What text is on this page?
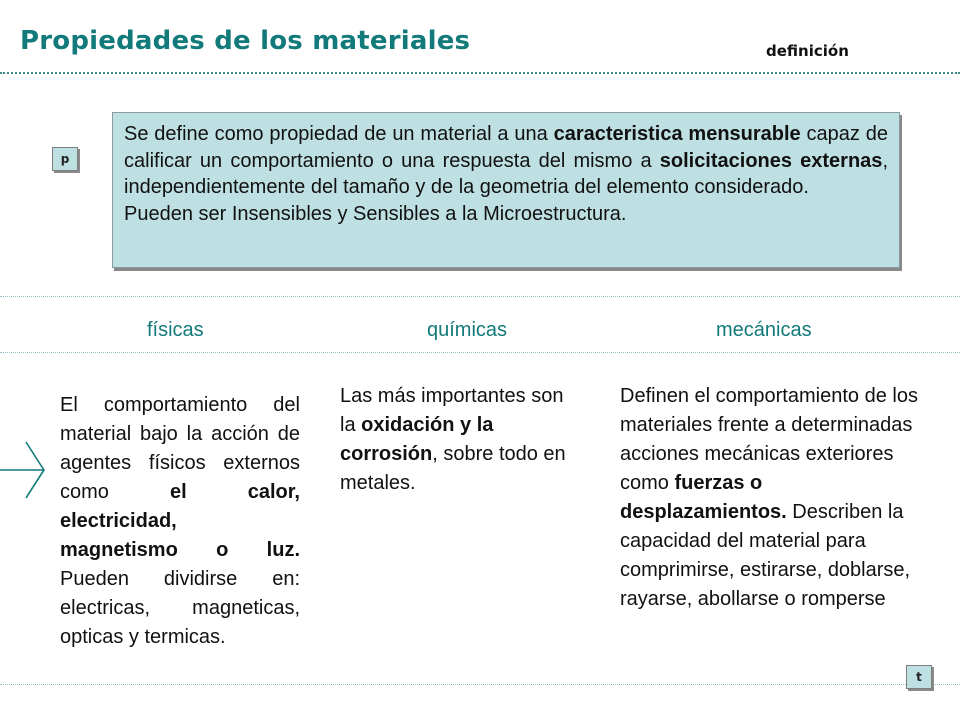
Propiedades de los materiales	definición
p

Se define como propiedad de un material a una caracteristica mensurable capaz de calificar un comportamiento o una respuesta del mismo a solicitaciones externas, independientemente del tamaño y de la geometria del elemento considerado.

Pueden ser Insensibles y Sensibles a la Microestructura.

físicas	químicas	mecánicas
El comportamiento del material bajo la acción de agentes físicos externos como el calor, electricidad, magnetismo o luz. Pueden dividirse en: electricas, magneticas, opticas y termicas.
Las más importantes son la oxidación y la corrosión, sobre todo en metales.
Definen el comportamiento de los materiales frente a determinadas acciones mecánicas exteriores como fuerzas o desplazamientos. Describen la capacidad del material para comprimirse, estirarse, doblarse, rayarse, abollarse o romperse
t
